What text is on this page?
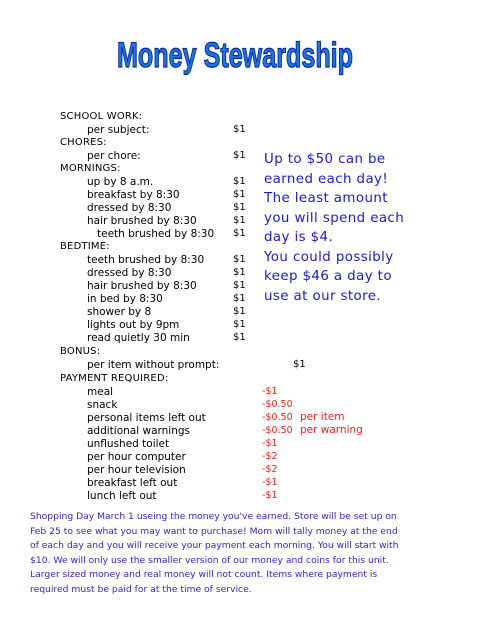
Money Stewardship
SCHOOL WORK:
per subject:	$1
CHORES:
per chore:	$1
MORNINGS:
up by 8 a.m.	$1
breakfast by 8:30	$1
dressed by 8:30	$1
hair brushed by 8:30	$1
teeth brushed by 8:30 $1
BEDTIME:
teeth brushed by 8:30	$1
dressed by 8:30	$1
hair brushed by 8:30	$1
in bed by 8:30	$1
shower by 8	$1
lights out by 9pm	$1
read quietly 30 min	$1
BONUS:
per item without prompt:	$1
PAYMENT REQUIRED:
meal	-$1
snack	-$0.50
personal items left out	-$0.50 per item
additional warnings	-$0.50 per warning
unflushed toilet	-$1
per hour computer	-$2
per hour television	-$2
breakfast left out	-$1
lunch left out	-$1
Up to $50 can be
earned each day!
The least amount
you will spend each
day is $4.
You could possibly
keep $46 a day to
use at our store.
Shopping Day March 1 useing the money you've earned. Store will be set up on
Feb 25 to see what you may want to purchase! Mom will tally money at the end
of each day and you will receive your payment each morning. You will start with
$10. We will only use the smaller version of our money and coins for this unit.
Larger sized money and real money will not count. Items where payment is
required must be paid for at the time of service.
